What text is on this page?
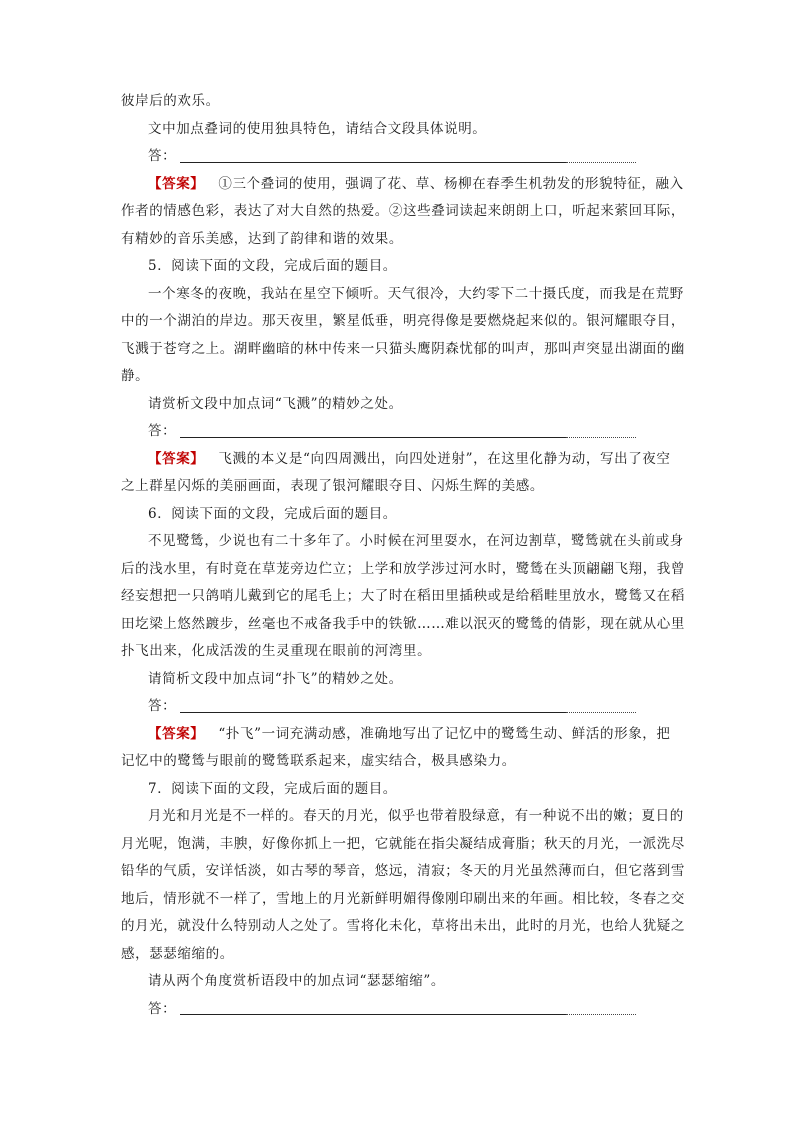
彼岸后的欢乐。

文中加点叠词的使用独具特色，请结合文段具体说明。

答：

【答案】 ①三个叠词的使用，强调了花、草、杨柳在春季生机勃发的形貌特征，融入

作者的情感色彩，表达了对大自然的热爱。②这些叠词读起来朗朗上口，听起来萦回耳际，

有精妙的音乐美感，达到了韵律和谐的效果。

5．阅读下面的文段，完成后面的题目。

一个寒冬的夜晚，我站在星空下倾听。天气很冷，大约零下二十摄氏度，而我是在荒野

中的一个湖泊的岸边。那天夜里，繁星低垂，明亮得像是要燃烧起来似的。银河耀眼夺目，

飞溅于苍穹之上。湖畔幽暗的林中传来一只猫头鹰阴森忧郁的叫声，那叫声突显出湖面的幽

静。

请赏析文段中加点词“飞溅”的精妙之处。

答：

【答案】 飞溅的本义是“向四周溅出，向四处迸射”，在这里化静为动，写出了夜空

之上群星闪烁的美丽画面，表现了银河耀眼夺目、闪烁生辉的美感。

6．阅读下面的文段，完成后面的题目。

不见鹭鸶，少说也有二十多年了。小时候在河里耍水，在河边割草，鹭鸶就在头前或身

后的浅水里，有时竟在草茏旁边伫立；上学和放学涉过河水时，鹭鸶在头顶翩翩飞翔，我曾

经妄想把一只鸽哨儿戴到它的尾毛上；大了时在稻田里插秧或是给稻畦里放水，鹭鸶又在稻

田圪梁上悠然踱步，丝毫也不戒备我手中的铁锨……难以泯灭的鹭鸶的倩影，现在就从心里

扑飞出来，化成活泼的生灵重现在眼前的河湾里。

请简析文段中加点词“扑飞”的精妙之处。

答：

【答案】 “扑飞”一词充满动感，准确地写出了记忆中的鹭鸶生动、鲜活的形象，把

记忆中的鹭鸶与眼前的鹭鸶联系起来，虚实结合，极具感染力。

7．阅读下面的文段，完成后面的题目。

月光和月光是不一样的。春天的月光，似乎也带着股绿意，有一种说不出的嫩；夏日的

月光呢，饱满，丰腴，好像你抓上一把，它就能在指尖凝结成膏脂；秋天的月光，一派洗尽

铅华的气质，安详恬淡，如古琴的琴音，悠远，清寂；冬天的月光虽然薄而白，但它落到雪

地后，情形就不一样了，雪地上的月光新鲜明媚得像刚印刷出来的年画。相比较，冬春之交

的月光，就没什么特别动人之处了。雪将化未化，草将出未出，此时的月光，也给人犹疑之

感，瑟瑟缩缩的。

请从两个角度赏析语段中的加点词“瑟瑟缩缩”。

答：
